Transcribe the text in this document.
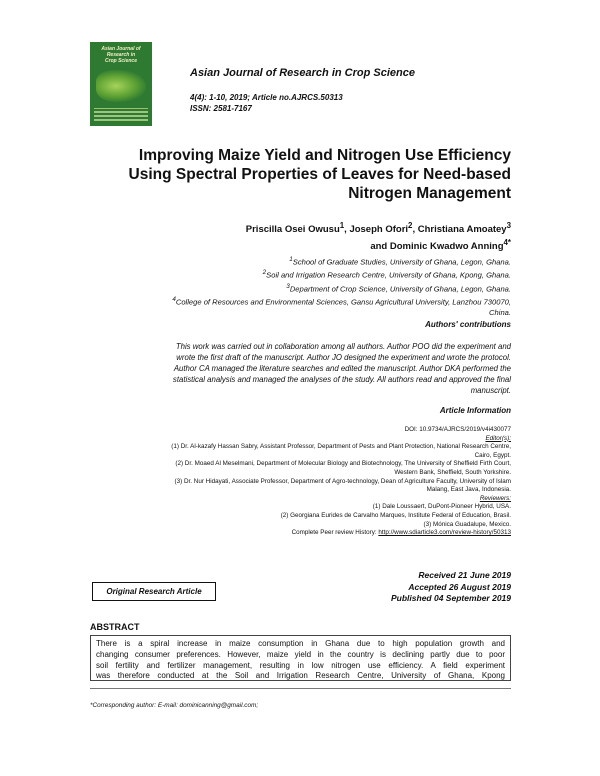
Asian Journal of Research in
Crop Science
Asian Journal of Research in Crop Science
4(4): 1-10, 2019; Article no.AJRCS.50313
ISSN: 2581-7167
Improving Maize Yield and Nitrogen Use Efficiency
Using Spectral Properties of Leaves for Need-based
Nitrogen Management
Priscilla Osei Owusu$^1$, Joseph Ofori$^2$, Christiana Amoatey$^3$
and Dominic Kwadwo Anning$^{4*}$
$^1$School of Graduate Studies, University of Ghana, Legon, Ghana.
$^2$Soil and Irrigation Research Centre, University of Ghana, Kpong, Ghana.
$^3$Department of Crop Science, University of Ghana, Legon, Ghana.
$^4$College of Resources and Environmental Sciences, Gansu Agricultural University, Lanzhou 730070,
China.
Authors' contributions
This work was carried out in collaboration among all authors. Author POO did the experiment and
wrote the first draft of the manuscript. Author JO designed the experiment and wrote the protocol.
Author CA managed the literature searches and edited the manuscript. Author DKA performed the
statistical analysis and managed the analyses of the study. All authors read and approved the final
manuscript.
Article Information
DOI: 10.9734/AJRCS/2019/v4i430077
Editor(s):
(1) Dr. Al-kazafy Hassan Sabry, Assistant Professor, Department of Pests and Plant Protection, National Research Centre,
Cairo, Egypt.
(2) Dr. Moaed Al Meselmani, Department of Molecular Biology and Biotechnology, The University of Sheffield Firth Court,
Western Bank, Sheffield, South Yorkshire.
(3) Dr. Nur Hidayati, Associate Professor, Department of Agro-technology, Dean of Agriculture Faculty, University of Islam
Malang, East Java, Indonesia.
Reviewers:
(1) Dale Loussaert, DuPont-Pioneer Hybrid, USA.
(2) Georgiana Eurides de Carvalho Marques, Institute Federal of Education, Brasil.
(3) Mónica Guadalupe, Mexico.
Complete Peer review History: http://www.sdiarticle3.com/review-history/50313
Original Research Article
Received 21 June 2019
Accepted 26 August 2019
Published 04 September 2019
ABSTRACT
There is a spiral increase in maize consumption in Ghana due to high population growth and
changing consumer preferences. However, maize yield in the country is declining partly due to poor
soil fertility and fertilizer management, resulting in low nitrogen use efficiency. A field experiment
was therefore conducted at the Soil and Irrigation Research Centre, University of Ghana, Kpong
*Corresponding author: E-mail: dominicanning@gmail.com;
